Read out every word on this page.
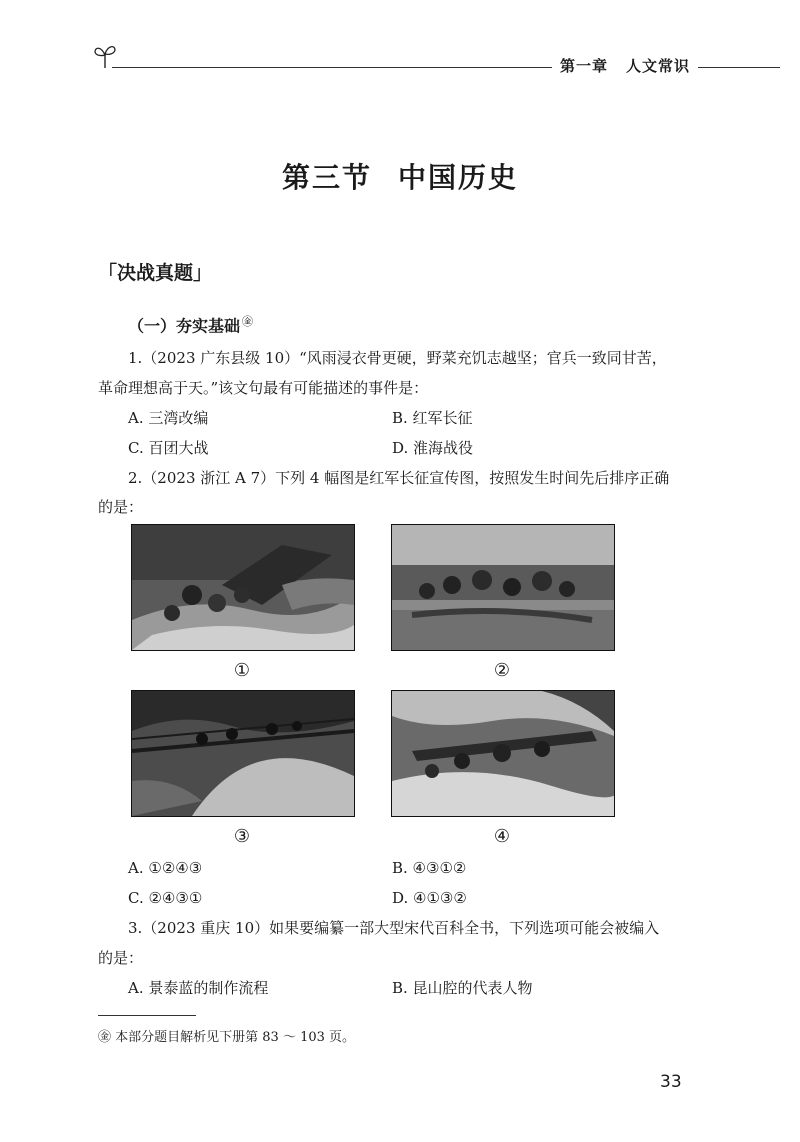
第一章 人文常识
第三节 中国历史
「决战真题」
（一）夯实基础 ㊎
1.（2023 广东县级 10）“风雨浸衣骨更硬，野菜充饥志越坚；官兵一致同甘苦，
革命理想高于天。”该文句最有可能描述的事件是：
A. 三湾改编	B. 红军长征
C. 百团大战	D. 淮海战役
2.（2023 浙江 A 7）下列 4 幅图是红军长征宣传图，按照发生时间先后排序正确
的是：
①	②
③	④
A. ①②④③	B. ④③①②
C. ②④③①	D. ④①③②
3.（2023 重庆 10）如果要编纂一部大型宋代百科全书，下列选项可能会被编入
的是：
A. 景泰蓝的制作流程	B. 昆山腔的代表人物
㊎ 本部分题目解析见下册第 83 ～ 103 页。
33
